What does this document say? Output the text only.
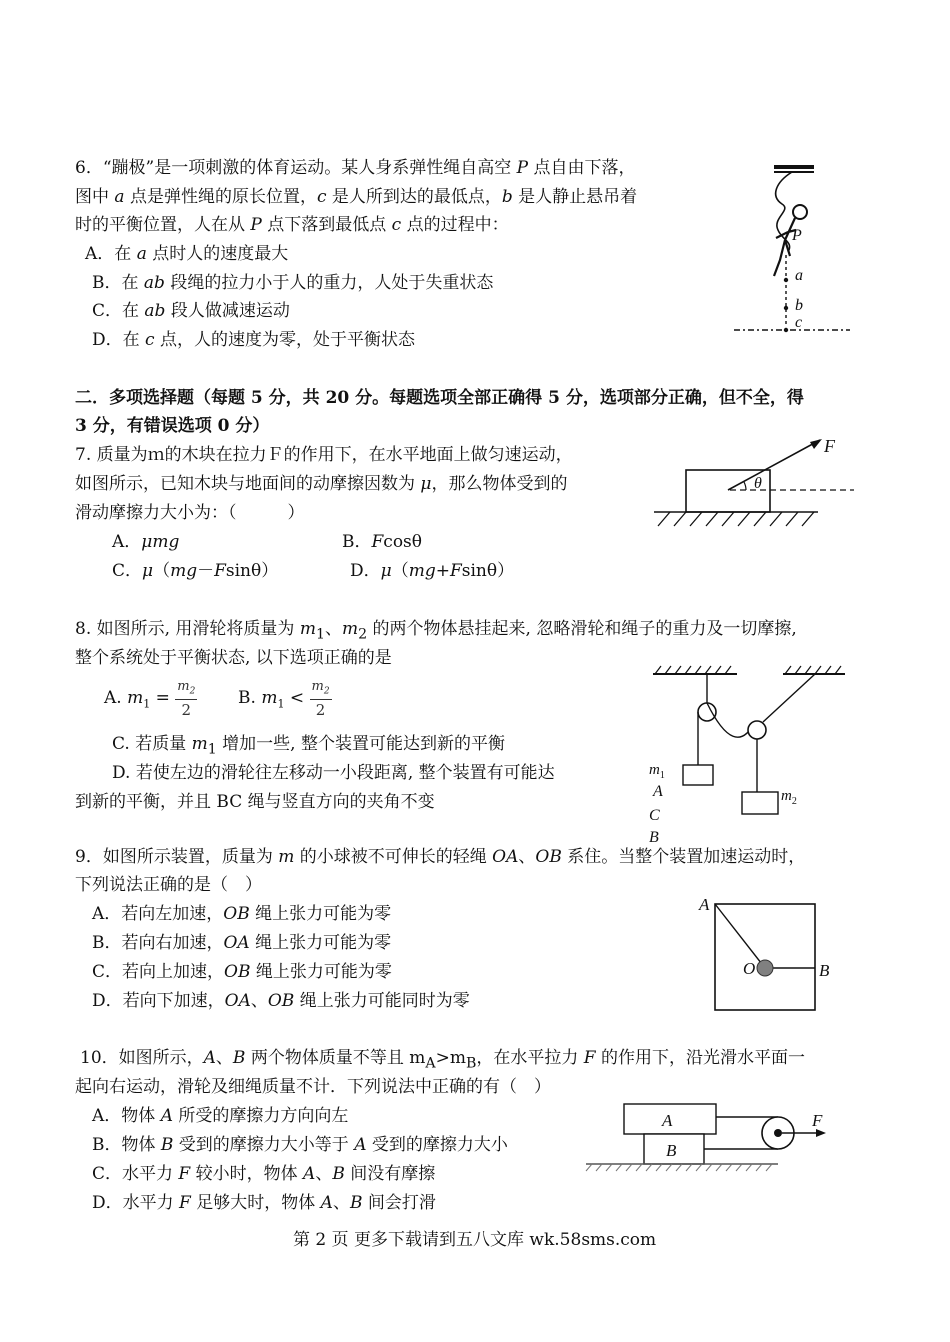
6．“蹦极”是一项刺激的体育运动。某人身系弹性绳自高空 P 点自由下落，
图中 a 点是弹性绳的原长位置，c 是人所到达的最低点，b 是人静止悬吊着
时的平衡位置，人在从 P 点下落到最低点 c 点的过程中：
A．在 a 点时人的速度最大
B．在 ab 段绳的拉力小于人的重力，人处于失重状态
C．在 ab 段人做减速运动
D．在 c 点，人的速度为零，处于平衡状态
P
a
b
c
二．多项选择题（每题 5 分，共 20 分。每题选项全部正确得 5 分，选项部分正确，但不全，得
3 分，有错误选项 0 分）
7. 质量为ｍ的木块在拉力Ｆ的作用下，在水平地面上做匀速运动，
如图所示，已知木块与地面间的动摩擦因数为 μ，那么物体受到的
滑动摩擦力大小为：（　　　）
A．μmg	B．Fcosθ
C．μ（mg－Fsinθ）	D．μ（mg+Fsinθ）
F
θ
8. 如图所示, 用滑轮将质量为 $m_1$、$m_2$ 的两个物体悬挂起来, 忽略滑轮和绳子的重力及一切摩擦,
整个系统处于平衡状态, 以下选项正确的是
A. $m_1 = \frac{m_2}{2} B$. $m_1 < \frac{m_2}{2}$
C. 若质量 $m_1$ 增加一些, 整个装置可能达到新的平衡
D. 若使左边的滑轮往左移动一小段距离, 整个装置有可能达
到新的平衡，并且 BC 绳与竖直方向的夹角不变
$m_1$
$m_2$
A
C
B
9．如图所示装置，质量为 m 的小球被不可伸长的轻绳 OA、OB 系住。当整个装置加速运动时，
下列说法正确的是（　）
A．若向左加速，OB 绳上张力可能为零
B．若向右加速，OA 绳上张力可能为零
C．若向上加速，OB 绳上张力可能为零
D．若向下加速，OA、OB 绳上张力可能同时为零
A
O	B
10．如图所示，A、B 两个物体质量不等且 $m_A>m_B$，在水平拉力 F 的作用下，沿光滑水平面一
起向右运动，滑轮及细绳质量不计．下列说法中正确的有（　）
A．物体 A 所受的摩擦力方向向左
B．物体 B 受到的摩擦力大小等于 A 受到的摩擦力大小
C．水平力 F 较小时，物体 A、B 间没有摩擦
D．水平力 F 足够大时，物体 A、B 间会打滑
A
B
F
第 2 页 更多下载请到五八文库 wk.58sms.com
